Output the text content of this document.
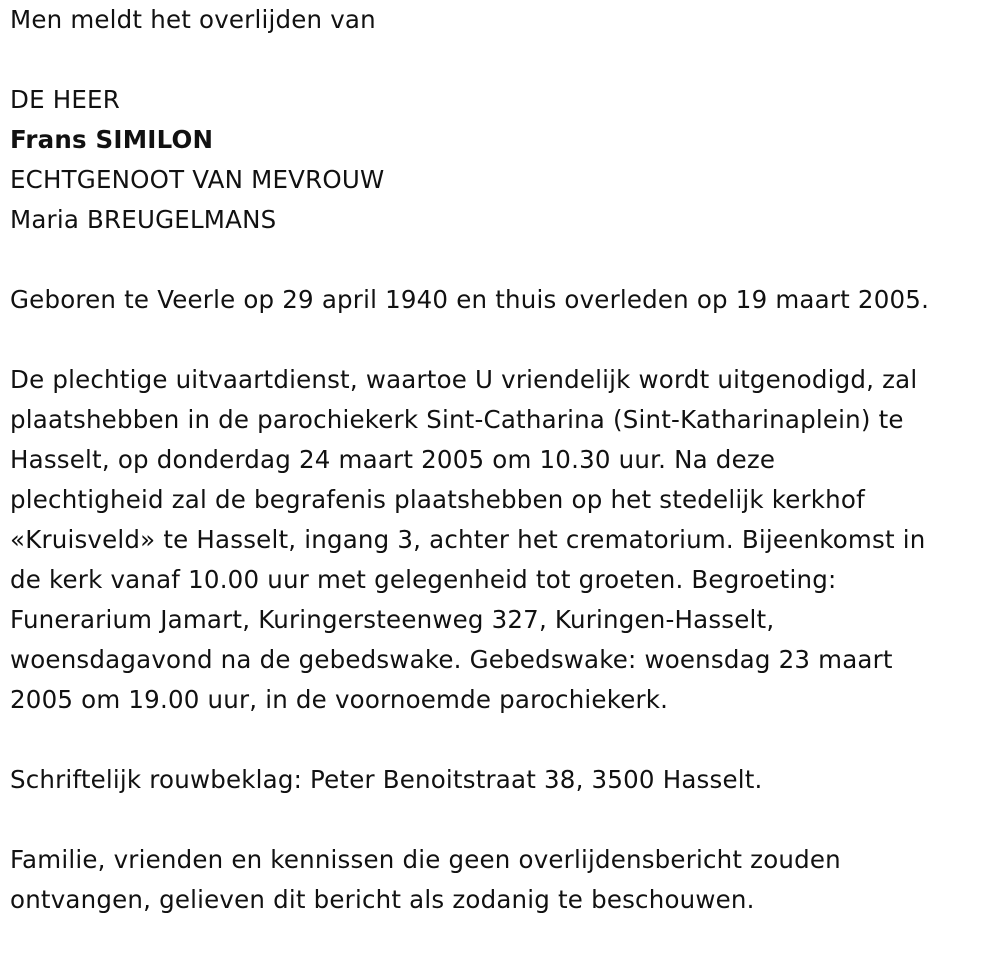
Men meldt het overlijden van
DE HEER
Frans SIMILON
ECHTGENOOT VAN MEVROUW
Maria BREUGELMANS
Geboren te Veerle op 29 april 1940 en thuis overleden op 19 maart 2005.
De plechtige uitvaartdienst, waartoe U vriendelijk wordt uitgenodigd, zal
plaatshebben in de parochiekerk Sint-Catharina (Sint-Katharinaplein) te
Hasselt, op donderdag 24 maart 2005 om 10.30 uur. Na deze
plechtigheid zal de begrafenis plaatshebben op het stedelijk kerkhof
«Kruisveld» te Hasselt, ingang 3, achter het crematorium. Bijeenkomst in
de kerk vanaf 10.00 uur met gelegenheid tot groeten. Begroeting:
Funerarium Jamart, Kuringersteenweg 327, Kuringen-Hasselt,
woensdagavond na de gebedswake. Gebedswake: woensdag 23 maart
2005 om 19.00 uur, in de voornoemde parochiekerk.
Schriftelijk rouwbeklag: Peter Benoitstraat 38, 3500 Hasselt.
Familie, vrienden en kennissen die geen overlijdensbericht zouden
ontvangen, gelieven dit bericht als zodanig te beschouwen.
